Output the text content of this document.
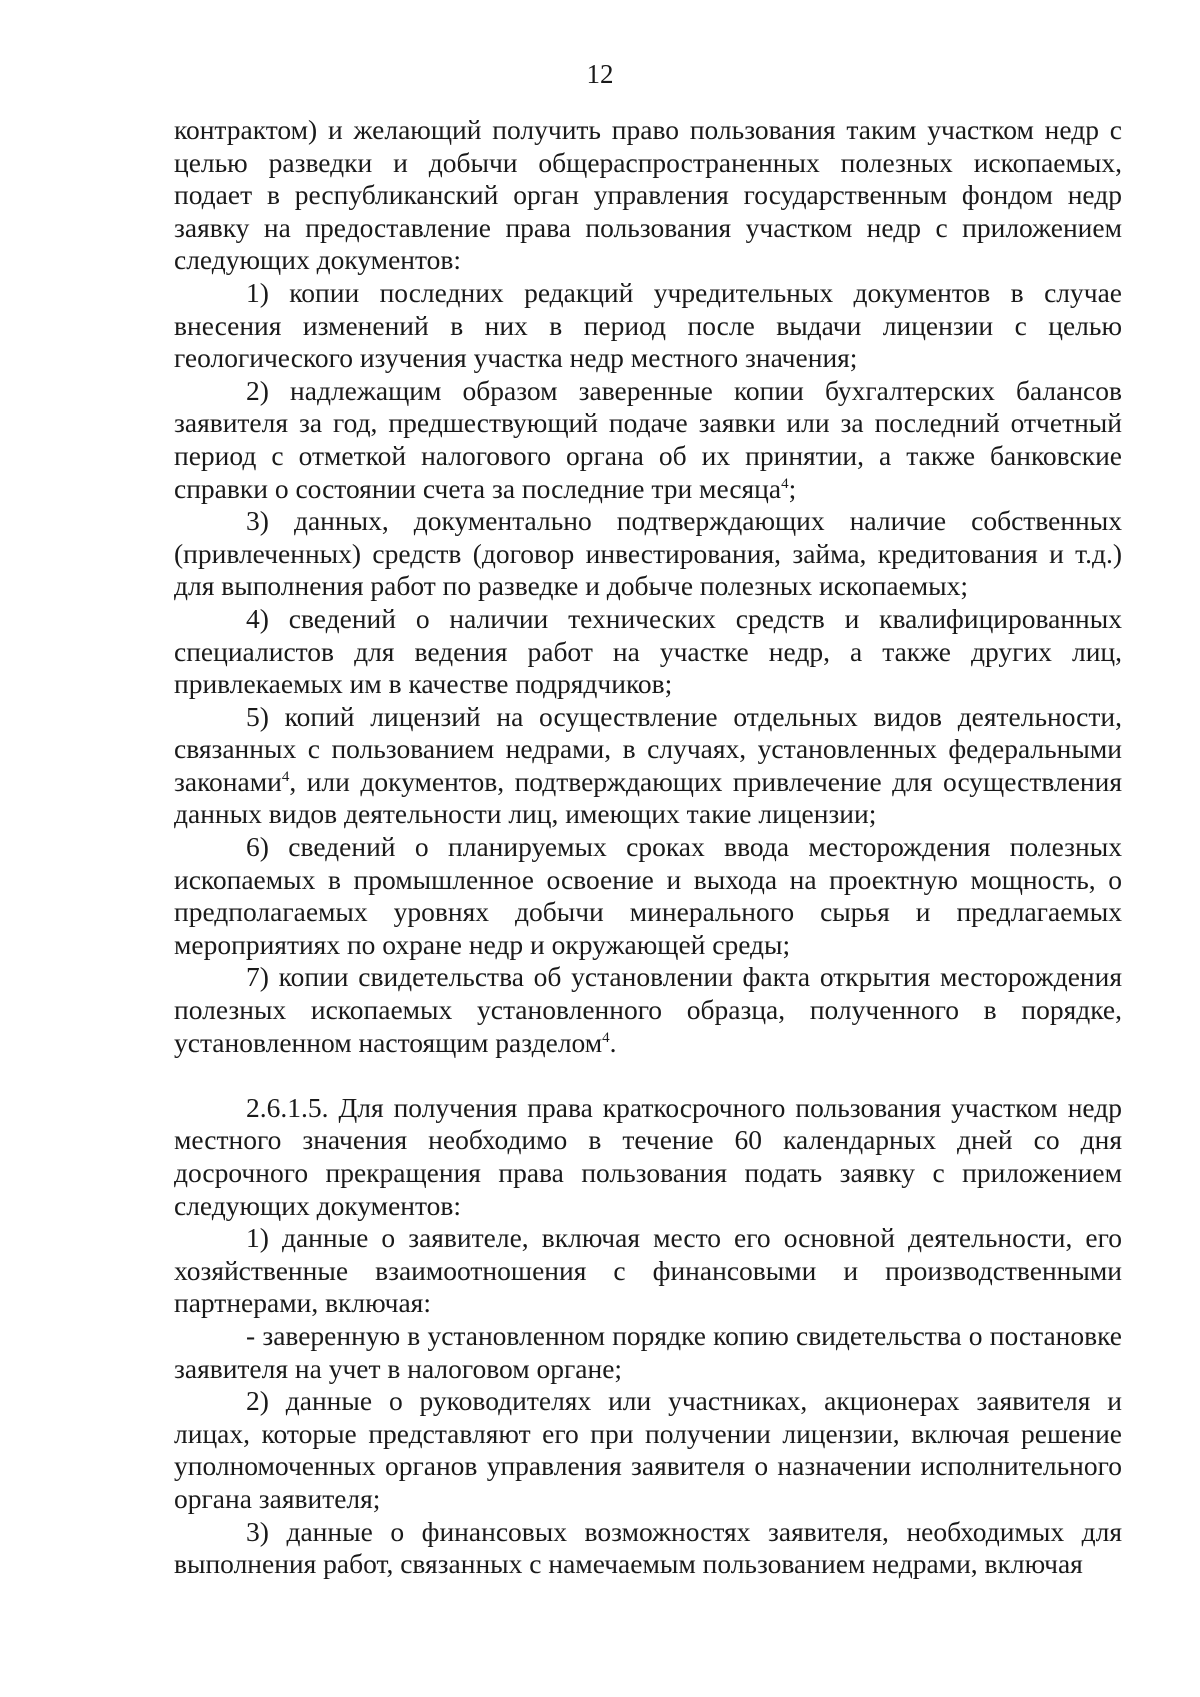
12

контрактом) и желающий получить право пользования таким участком недр с целью разведки и добычи общераспространенных полезных ископаемых, подает в республиканский орган управления государственным фондом недр заявку на предоставление права пользования участком недр с приложением следующих документов:

1) копии последних редакций учредительных документов в случае внесения изменений в них в период после выдачи лицензии с целью геологического изучения участка недр местного значения;

2) надлежащим образом заверенные копии бухгалтерских балансов заявителя за год, предшествующий подаче заявки или за последний отчетный период с отметкой налогового органа об их принятии, а также банковские справки о состоянии счета за последние три месяца$^4$;

3) данных, документально подтверждающих наличие собственных (привлеченных) средств (договор инвестирования, займа, кредитования и т.д.) для выполнения работ по разведке и добыче полезных ископаемых;

4) сведений о наличии технических средств и квалифицированных специалистов для ведения работ на участке недр, а также других лиц, привлекаемых им в качестве подрядчиков;

5) копий лицензий на осуществление отдельных видов деятельности, связанных с пользованием недрами, в случаях, установленных федеральными законами$^4$, или документов, подтверждающих привлечение для осуществления данных видов деятельности лиц, имеющих такие лицензии;

6) сведений о планируемых сроках ввода месторождения полезных ископаемых в промышленное освоение и выхода на проектную мощность, о предполагаемых уровнях добычи минерального сырья и предлагаемых мероприятиях по охране недр и окружающей среды;

7) копии свидетельства об установлении факта открытия месторождения полезных ископаемых установленного образца, полученного в порядке, установленном настоящим разделом$^4$.

2.6.1.5. Для получения права краткосрочного пользования участком недр местного значения необходимо в течение 60 календарных дней со дня досрочного прекращения права пользования подать заявку с приложением следующих документов:

1) данные о заявителе, включая место его основной деятельности, его хозяйственные взаимоотношения с финансовыми и производственными партнерами, включая:

- заверенную в установленном порядке копию свидетельства о постановке заявителя на учет в налоговом органе;

2) данные о руководителях или участниках, акционерах заявителя и лицах, которые представляют его при получении лицензии, включая решение уполномоченных органов управления заявителя о назначении исполнительного органа заявителя;

3) данные о финансовых возможностях заявителя, необходимых для выполнения работ, связанных с намечаемым пользованием недрами, включая
